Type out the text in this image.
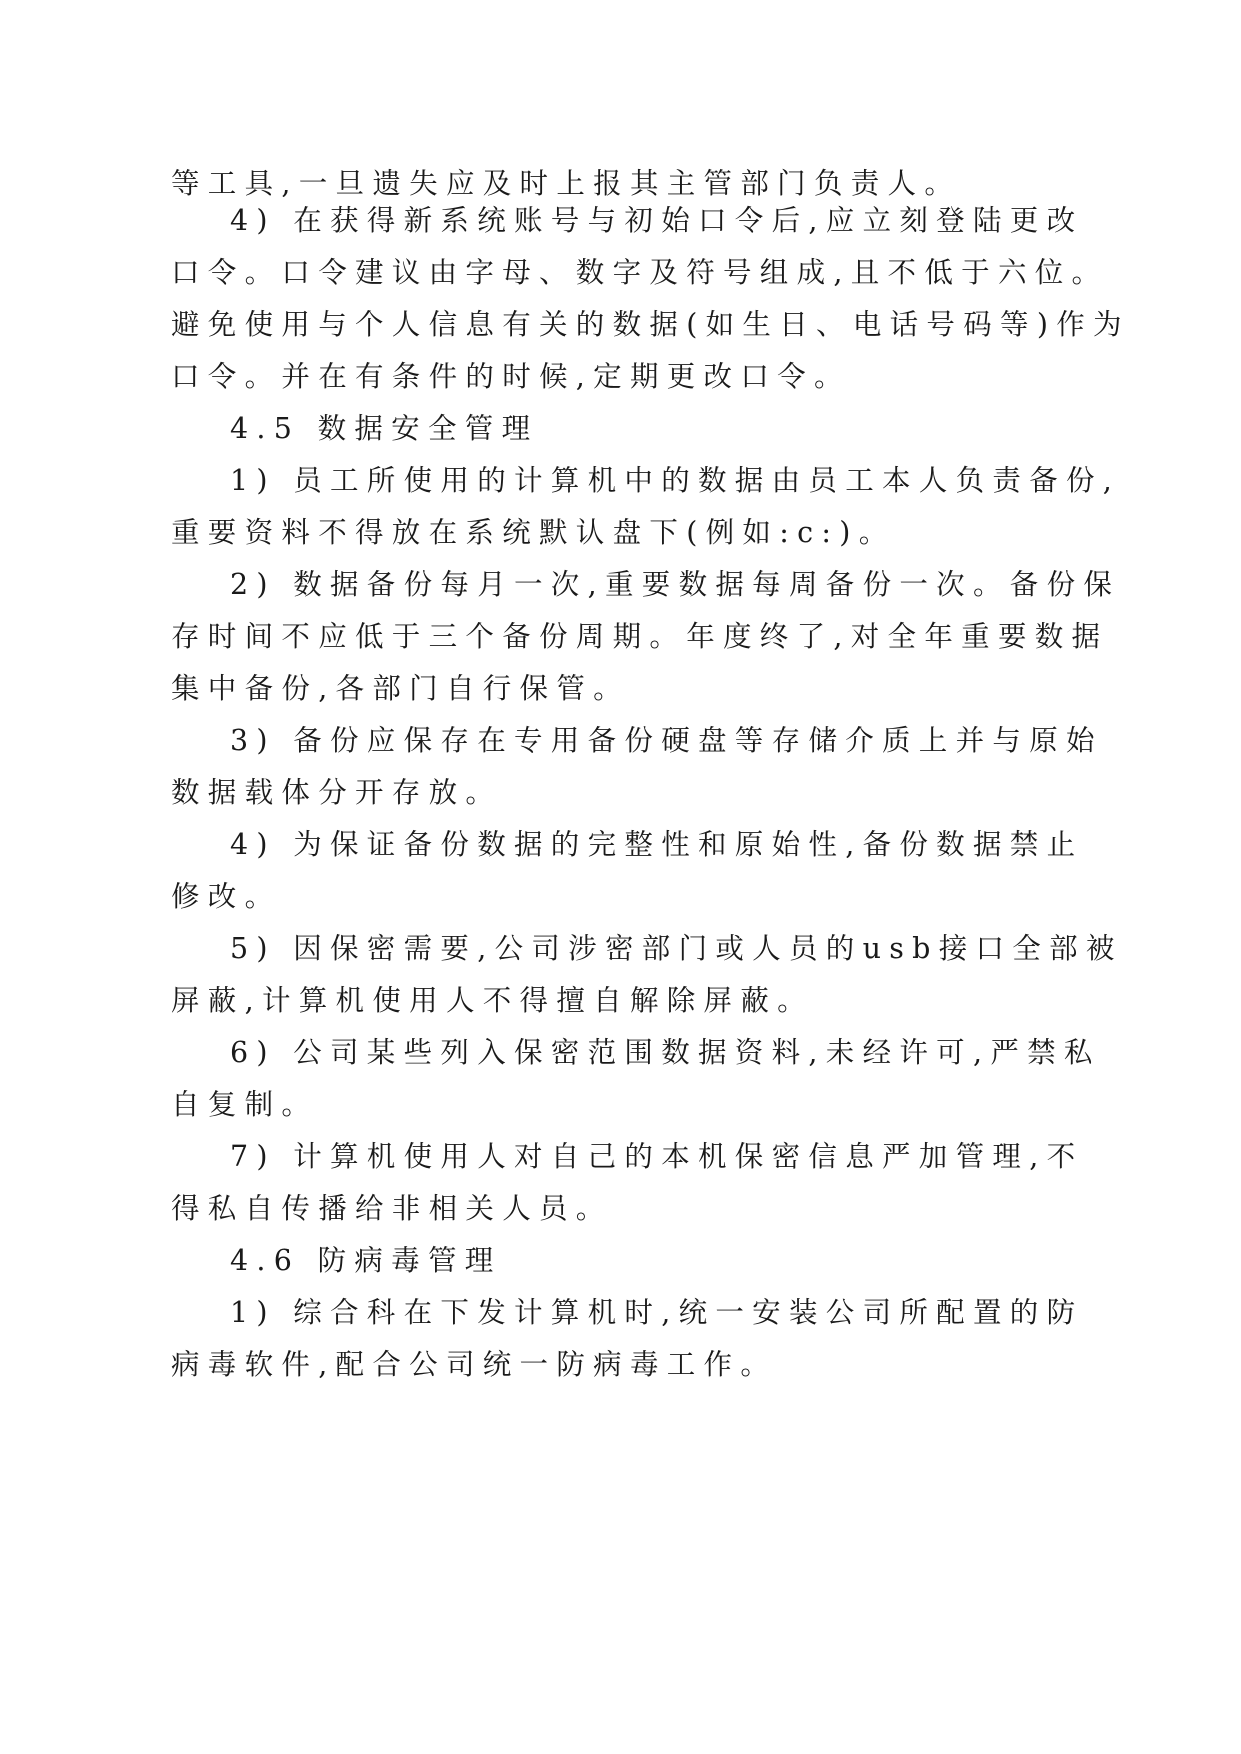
等工具,一旦遗失应及时上报其主管部门负责人。
4) 在获得新系统账号与初始口令后,应立刻登陆更改
口令。口令建议由字母、数字及符号组成,且不低于六位。
避免使用与个人信息有关的数据(如生日、电话号码等)作为
口令。并在有条件的时候,定期更改口令。
4.5 数据安全管理
1) 员工所使用的计算机中的数据由员工本人负责备份,
重要资料不得放在系统默认盘下(例如:c:)。
2) 数据备份每月一次,重要数据每周备份一次。备份保
存时间不应低于三个备份周期。年度终了,对全年重要数据
集中备份,各部门自行保管。
3) 备份应保存在专用备份硬盘等存储介质上并与原始
数据载体分开存放。
4) 为保证备份数据的完整性和原始性,备份数据禁止
修改。
5) 因保密需要,公司涉密部门或人员的usb接口全部被
屏蔽,计算机使用人不得擅自解除屏蔽。
6) 公司某些列入保密范围数据资料,未经许可,严禁私
自复制。
7) 计算机使用人对自己的本机保密信息严加管理,不
得私自传播给非相关人员。
4.6 防病毒管理
1) 综合科在下发计算机时,统一安装公司所配置的防
病毒软件,配合公司统一防病毒工作。
